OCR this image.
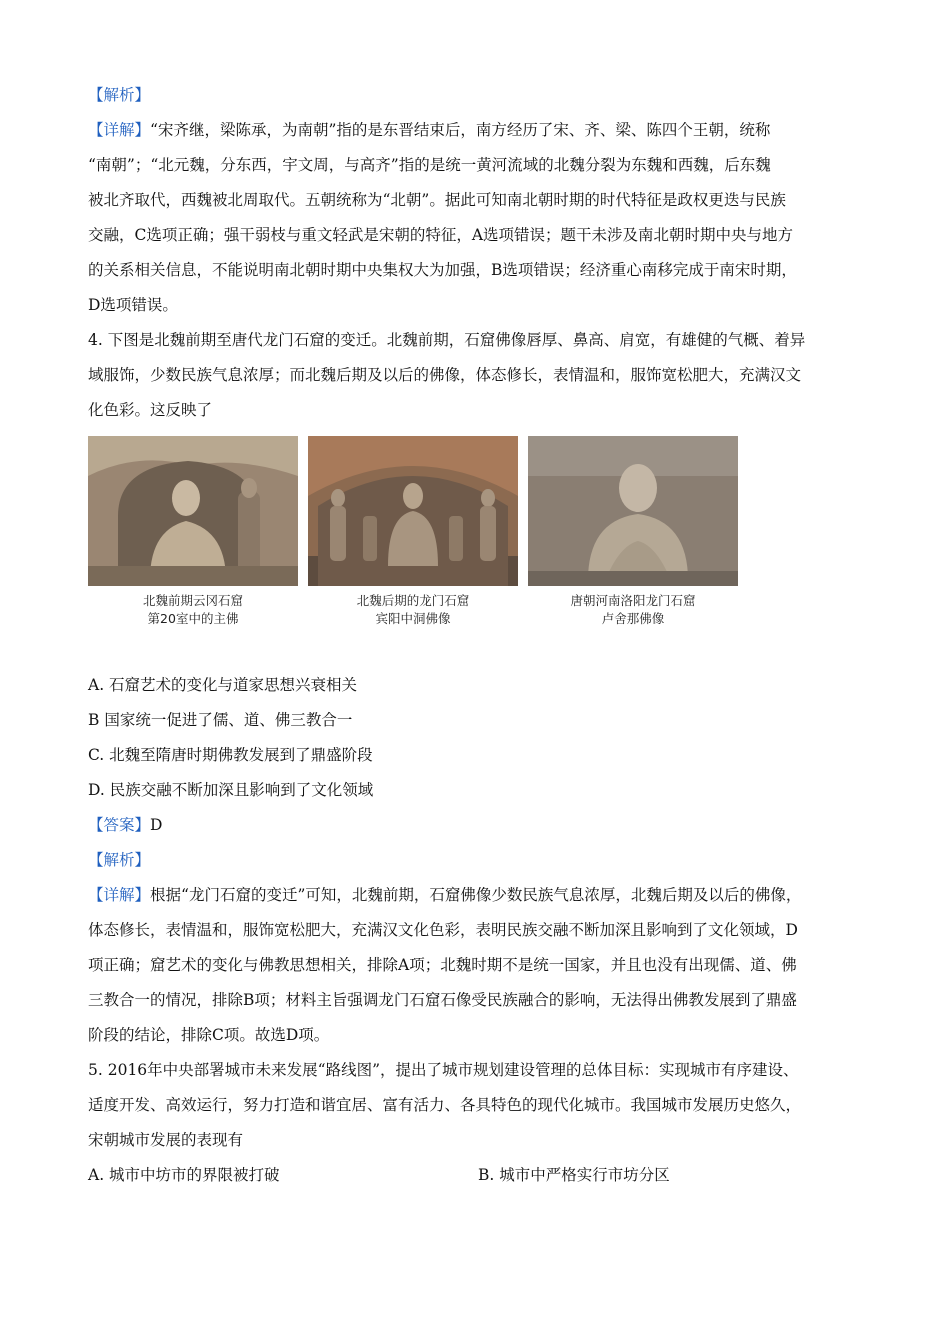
【解析】

【详解】“宋齐继，梁陈承，为南朝”指的是东晋结束后，南方经历了宋、齐、梁、陈四个王朝，统称

“南朝”；“北元魏，分东西，宇文周，与高齐”指的是统一黄河流域的北魏分裂为东魏和西魏，后东魏

被北齐取代，西魏被北周取代。五朝统称为“北朝”。据此可知南北朝时期的时代特征是政权更迭与民族

交融，C选项正确；强干弱枝与重文轻武是宋朝的特征，A选项错误；题干未涉及南北朝时期中央与地方

的关系相关信息，不能说明南北朝时期中央集权大为加强，B选项错误；经济重心南移完成于南宋时期，

D选项错误。

4. 下图是北魏前期至唐代龙门石窟的变迁。北魏前期，石窟佛像唇厚、鼻高、肩宽，有雄健的气概、着异

域服饰，少数民族气息浓厚；而北魏后期及以后的佛像，体态修长，表情温和，服饰宽松肥大，充满汉文

化色彩。这反映了

北魏前期云冈石窟
第20室中的主佛
北魏后期的龙门石窟
宾阳中洞佛像
唐朝河南洛阳龙门石窟
卢舍那佛像

A. 石窟艺术的变化与道家思想兴衰相关

B 国家统一促进了儒、道、佛三教合一

C. 北魏至隋唐时期佛教发展到了鼎盛阶段

D. 民族交融不断加深且影响到了文化领域

【答案】D

【解析】

【详解】根据“龙门石窟的变迁”可知，北魏前期，石窟佛像少数民族气息浓厚，北魏后期及以后的佛像，

体态修长，表情温和，服饰宽松肥大，充满汉文化色彩，表明民族交融不断加深且影响到了文化领域，D

项正确；窟艺术的变化与佛教思想相关，排除A项；北魏时期不是统一国家，并且也没有出现儒、道、佛

三教合一的情况，排除B项；材料主旨强调龙门石窟石像受民族融合的影响，无法得出佛教发展到了鼎盛

阶段的结论，排除C项。故选D项。

5. 2016年中央部署城市未来发展“路线图”，提出了城市规划建设管理的总体目标：实现城市有序建设、

适度开发、高效运行，努力打造和谐宜居、富有活力、各具特色的现代化城市。我国城市发展历史悠久，

宋朝城市发展的表现有

A. 城市中坊市的界限被打破	B. 城市中严格实行市坊分区
